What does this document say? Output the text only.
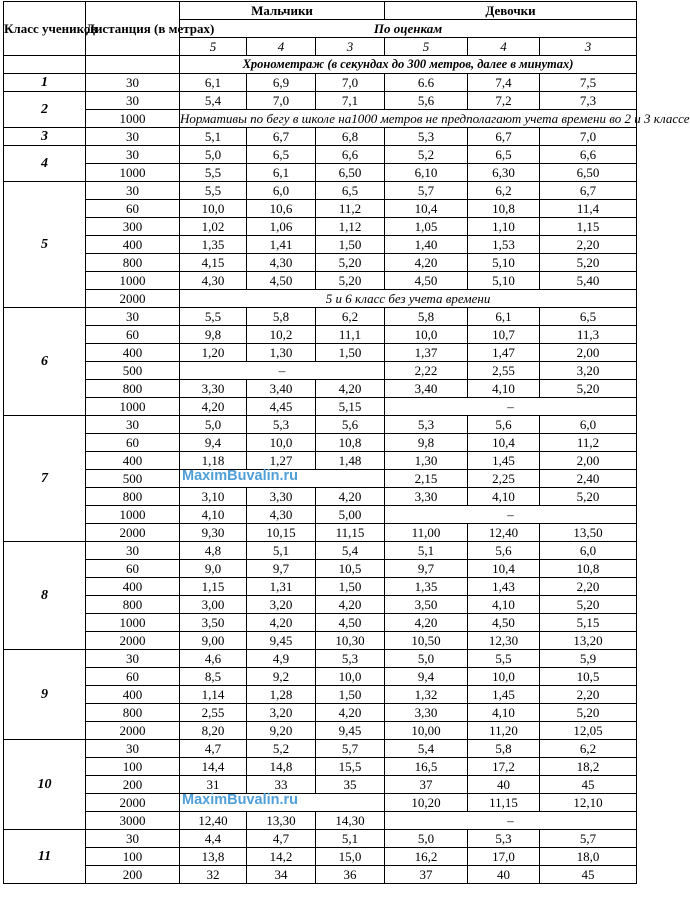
Класс учеников	Дистанция (в метрах)	Мальчики			Девочки		
		По оценкам					
		5	4	3	5	4	3
		Хронометраж (в секундах до 300 метров, далее в минутах)					
1	30	6,1	6,9	7,0	6.6	7,4	7,5
2	30	5,4	7,0	7,1	5,6	7,2	7,3
	1000	Нормативы по бегу в школе на1000 метров не предполагают учета времени во 2 и 3 классе					
3	30	5,1	6,7	6,8	5,3	6,7	7,0
4	30	5,0	6,5	6,6	5,2	6,5	6,6
	1000	5,5	6,1	6,50	6,10	6,30	6,50
5	30	5,5	6,0	6,5	5,7	6,2	6,7
	60	10,0	10,6	11,2	10,4	10,8	11,4
	300	1,02	1,06	1,12	1,05	1,10	1,15
	400	1,35	1,41	1,50	1,40	1,53	2,20
	800	4,15	4,30	5,20	4,20	5,10	5,20
	1000	4,30	4,50	5,20	4,50	5,10	5,40
	2000	5 и 6 класс без учета времени					
6	30	5,5	5,8	6,2	5,8	6,1	6,5
	60	9,8	10,2	11,1	10,0	10,7	11,3
	400	1,20	1,30	1,50	1,37	1,47	2,00
	500	–			2,22	2,55	3,20
	800	3,30	3,40	4,20	3,40	4,10	5,20
	1000	4,20	4,45	5,15	–		
7	30	5,0	5,3	5,6	5,3	5,6	6,0
	60	9,4	10,0	10,8	9,8	10,4	11,2
	400	1,18	1,27	1,48	1,30	1,45	2,00
	500	MaximBuvalin.ru			2,15	2,25	2,40
	800	3,10	3,30	4,20	3,30	4,10	5,20
	1000	4,10	4,30	5,00	–		
	2000	9,30	10,15	11,15	11,00	12,40	13,50
8	30	4,8	5,1	5,4	5,1	5,6	6,0
	60	9,0	9,7	10,5	9,7	10,4	10,8
	400	1,15	1,31	1,50	1,35	1,43	2,20
	800	3,00	3,20	4,20	3,50	4,10	5,20
	1000	3,50	4,20	4,50	4,20	4,50	5,15
	2000	9,00	9,45	10,30	10,50	12,30	13,20
9	30	4,6	4,9	5,3	5,0	5,5	5,9
	60	8,5	9,2	10,0	9,4	10,0	10,5
	400	1,14	1,28	1,50	1,32	1,45	2,20
	800	2,55	3,20	4,20	3,30	4,10	5,20
	2000	8,20	9,20	9,45	10,00	11,20	12,05
10	30	4,7	5,2	5,7	5,4	5,8	6,2
	100	14,4	14,8	15,5	16,5	17,2	18,2
	200	31	33	35	37	40	45
	2000	MaximBuvalin.ru			10,20	11,15	12,10
	3000	12,40	13,30	14,30	–		
11	30	4,4	4,7	5,1	5,0	5,3	5,7
	100	13,8	14,2	15,0	16,2	17,0	18,0
	200	32	34	36	37	40	45
